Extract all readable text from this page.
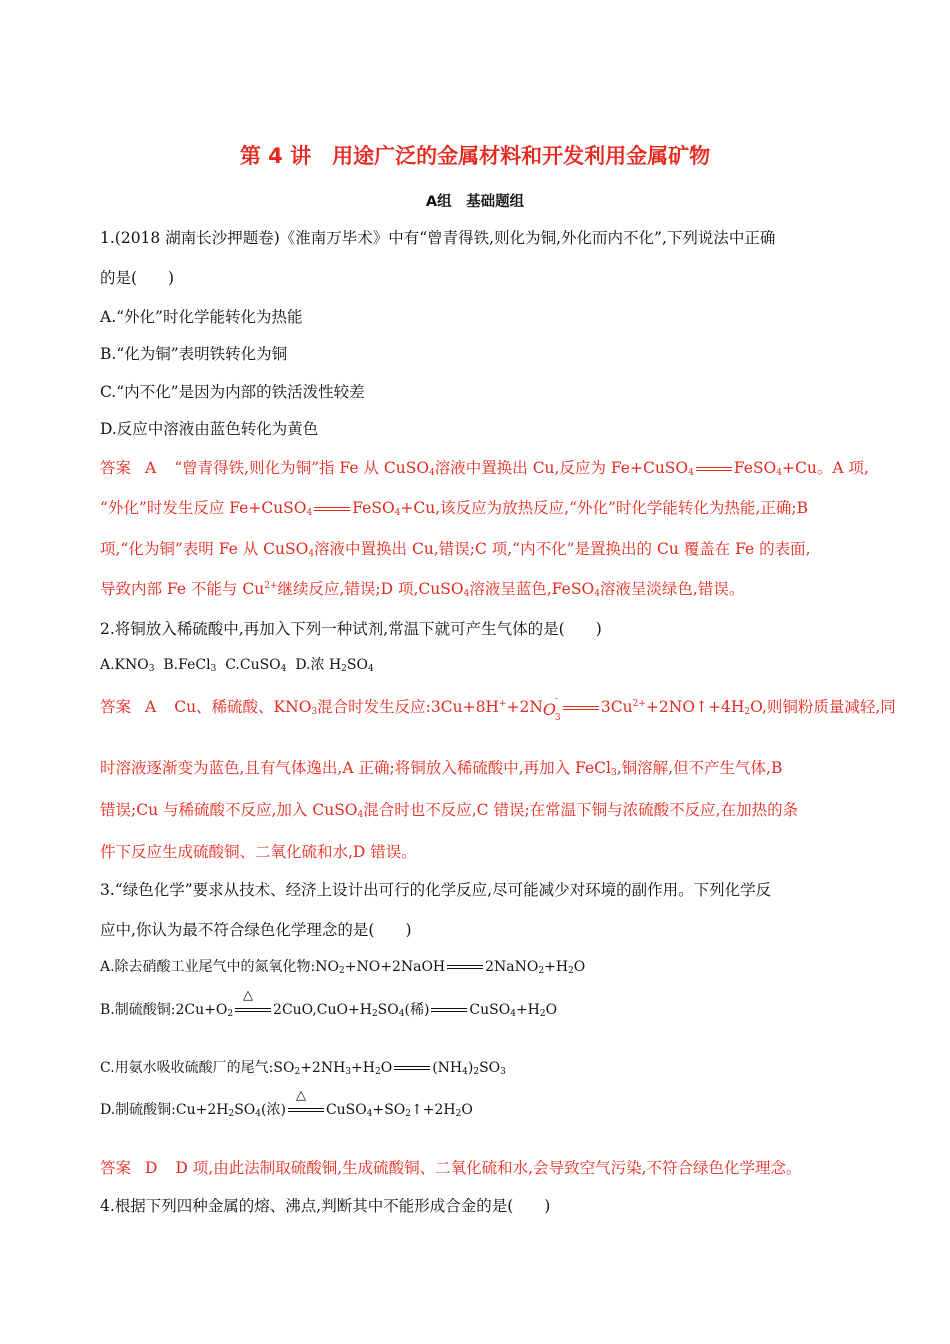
第 4 讲　用途广泛的金属材料和开发利用金属矿物
A组　基础题组
1.(2018 湖南长沙押题卷)《淮南万毕术》中有“曾青得铁,则化为铜,外化而内不化”,下列说法中正确
的是(　　)
A.“外化”时化学能转化为热能
B.“化为铜”表明铁转化为铜
C.“内不化”是因为内部的铁活泼性较差
D.反应中溶液由蓝色转化为黄色
答案 A “曾青得铁,则化为铜”指 Fe 从 CuSO$_4$溶液中置换出 Cu,反应为 Fe+CuSO$_4$	FeSO$_4$+Cu。A 项,
“外化”时发生反应 Fe+CuSO$_4$	FeSO$_4$+Cu,该反应为放热反应,“外化”时化学能转化为热能,正确;B
项,“化为铜”表明 Fe 从 CuSO$_4$溶液中置换出 Cu,错误;C 项,“内不化”是置换出的 Cu 覆盖在 Fe 的表面,
导致内部 Fe 不能与 $Cu^{2+}$继续反应,错误;D 项,CuSO$_4$溶液呈蓝色,FeSO$_4$溶液呈淡绿色,错误。
2.将铜放入稀硫酸中,再加入下列一种试剂,常温下就可产生气体的是(　　)
$A.KNO_3$ B.FeCl$_3$ C.CuSO$_4$ D.浓 $H_2SO_4$
答案 A Cu、稀硫酸、$KNO_3$混合时发生反应:3Cu+8H++2N -
O
3
$3Cu^{2+}+2NO↑+4H_2O$,则铜粉质量减轻,同
时溶液逐渐变为蓝色,且有气体逸出,A 正确;将铜放入稀硫酸中,再加入 FeCl$_3$,铜溶解,但不产生气体,B
错误;Cu 与稀硫酸不反应,加入 CuSO$_4$混合时也不反应,C 错误;在常温下铜与浓硫酸不反应,在加热的条
件下反应生成硫酸铜、二氧化硫和水,D 错误。
3.“绿色化学”要求从技术、经济上设计出可行的化学反应,尽可能减少对环境的副作用。下列化学反
应中,你认为最不符合绿色化学理念的是(　　)
A.除去硝酸工业尾气中的氮氧化物$:NO_2+NO+2NaOH$	$2NaNO_2+H_2O$
B.制硫酸铜$:2Cu+O_2$
△
$2CuO,CuO+H_2SO_4$(稀)	$CuSO_4+H_2O$
C.用氨水吸收硫酸厂的尾气$:SO_2+2NH_3+H_2O$	$(NH_4)_2SO_3$
D.制硫酸铜$:Cu+2H_2SO_4$(浓)
△
$CuSO_4+SO_2↑+2H_2O$
答案 D D 项,由此法制取硫酸铜,生成硫酸铜、二氧化硫和水,会导致空气污染,不符合绿色化学理念。
4.根据下列四种金属的熔、沸点,判断其中不能形成合金的是(　　)
